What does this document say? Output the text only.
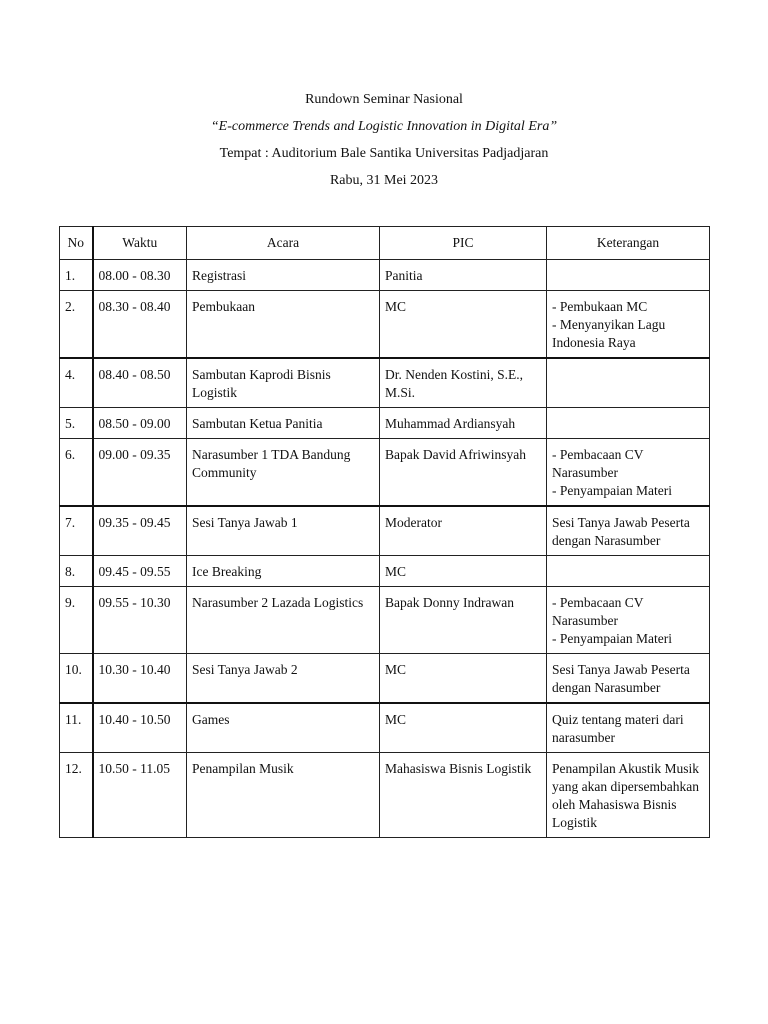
Rundown Seminar Nasional
“E-commerce Trends and Logistic Innovation in Digital Era”
Tempat : Auditorium Bale Santika Universitas Padjadjaran
Rabu, 31 Mei 2023
No	Waktu	Acara	PIC	Keterangan
1.	08.00 - 08.30	Registrasi	Panitia	
2.	08.30 - 08.40	Pembukaan	MC	- Pembukaan MC
- Menyanyikan Lagu Indonesia Raya

4.	08.40 - 08.50	Sambutan Kaprodi Bisnis Logistik	Dr. Nenden Kostini, S.E., M.Si.	
5.	08.50 - 09.00	Sambutan Ketua Panitia	Muhammad Ardiansyah	
6.	09.00 - 09.35	Narasumber 1 TDA Bandung Community	Bapak David Afriwinsyah	- Pembacaan CV Narasumber
- Penyampaian Materi

7.	09.35 - 09.45	Sesi Tanya Jawab 1	Moderator	Sesi Tanya Jawab Peserta dengan Narasumber

8.	09.45 - 09.55	Ice Breaking	MC	
9.	09.55 - 10.30	Narasumber 2 Lazada Logistics	Bapak Donny Indrawan	- Pembacaan CV Narasumber
- Penyampaian Materi

10.	10.30 - 10.40	Sesi Tanya Jawab 2	MC	Sesi Tanya Jawab Peserta dengan Narasumber

11.	10.40 - 10.50	Games	MC	Quiz tentang materi dari narasumber

12.	10.50 - 11.05	Penampilan Musik	Mahasiswa Bisnis Logistik	Penampilan Akustik Musik yang akan dipersembahkan oleh Mahasiswa Bisnis Logistik
